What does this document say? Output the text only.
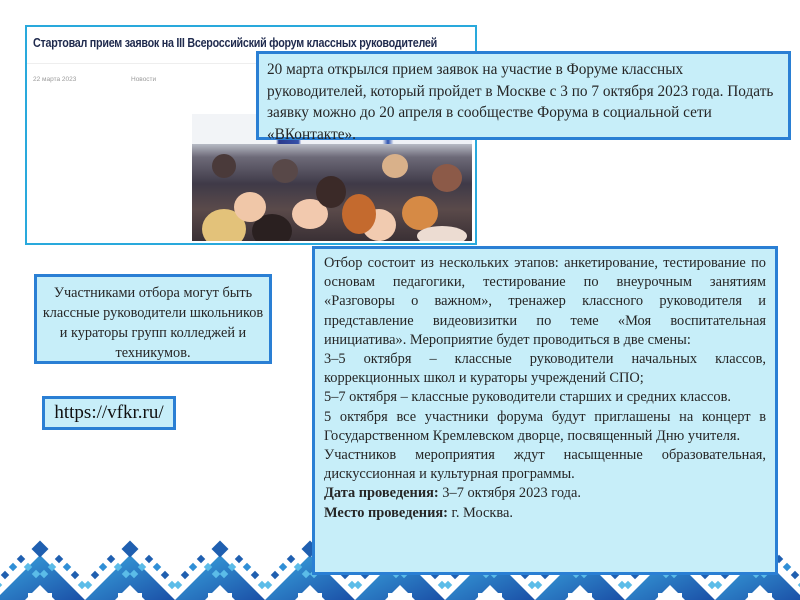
Стартовал прием заявок на III Всероссийский форум классных руководителей
22 марта 2023	Новости
20 марта открылся прием заявок на участие в Форуме классных руководителей, который пройдет в Москве с 3 по 7 октября 2023 года. Подать заявку можно до 20 апреля в сообществе Форума в социальной сети «ВКонтакте».
Участниками отбора могут быть классные руководители школьников и кураторы групп колледжей и техникумов.
https://vfkr.ru/

Отбор состоит из нескольких этапов: анкетирование, тестирование по основам педагогики, тестирование по внеурочным занятиям «Разговоры о важном», тренажер классного руководителя и представление видеовизитки по теме «Моя воспитательная инициатива». Мероприятие будет проводиться в две смены:

3–5 октября – классные руководители начальных классов, коррекционных школ и кураторы учреждений СПО;

5–7 октября – классные руководители старших и средних классов.

5 октября все участники форума будут приглашены на концерт в Государственном Кремлевском дворце, посвященный Дню учителя.

Участников мероприятия ждут насыщенные образовательная, дискуссионная и культурная программы.

Дата проведения: 3–7 октября 2023 года.

Место проведения: г. Москва.
